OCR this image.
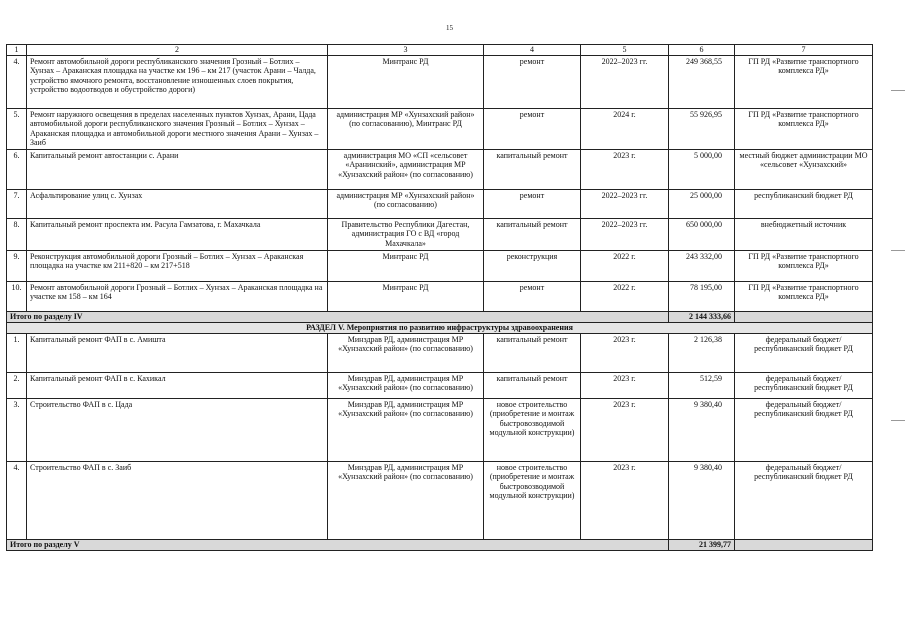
15
1	2	3	4	5	6	7
4.	Ремонт автомобильной дороги республиканского значения Грозный – Ботлих – Хунзах – Араканская площадка на участке км 196 – км 217 (участок Арани – Чалда, устройство ямочного ремонта, восстановление изношенных слоев покрытия, устройство водоотводов и обустройство дороги)	Минтранс РД	ремонт	2022–2023 гг.	249 368,55	ГП РД «Развитие транспортного комплекса РД»
5.	Ремонт наружного освещения в пределах населенных пунктов Хунзах, Арани, Цада автомобильной дороги республиканского значения Грозный – Ботлих – Хунзах – Араканская площадка и автомобильной дороги местного значения Арани – Хунзах – Заиб	администрация МР «Хунзахский район» (по согласованию), Минтранс РД	ремонт	2024 г.	55 926,95	ГП РД «Развитие транспортного комплекса РД»
6.	Капитальный ремонт автостанции с. Арани	администрация МО «СП «сельсовет «Аранинский», администрация МР «Хунзахский район» (по согласованию)	капитальный ремонт	2023 г.	5 000,00	местный бюджет администрации МО «сельсовет «Хунзахский»
7.	Асфальтирование улиц с. Хунзах	администрация МР «Хунзахский район» (по согласованию)	ремонт	2022–2023 гг.	25 000,00	республиканский бюджет РД
8.	Капитальный ремонт проспекта им. Расула Гамзатова, г. Махачкала	Правительство Республики Дагестан, администрация ГО с ВД «город Махачкала»	капитальный ремонт	2022–2023 гг.	650 000,00	внебюджетный источник
9.	Реконструкция автомобильной дороги Грозный – Ботлих – Хунзах – Араканская площадка на участке км 211+820 – км 217+518	Минтранс РД	реконструкция	2022 г.	243 332,00	ГП РД «Развитие транспортного комплекса РД»
10.	Ремонт автомобильной дороги Грозный – Ботлих – Хунзах – Араканская площадка на участке км 158 – км 164	Минтранс РД	ремонт	2022 г.	78 195,00	ГП РД «Развитие транспортного комплекса РД»
Итого по разделу IV					2 144 333,66	
РАЗДЕЛ V. Мероприятия по развитию инфраструктуры здравоохранения						
1.	Капитальный ремонт ФАП в с. Амишта	Минздрав РД, администрация МР «Хунзахский район» (по согласованию)	капитальный ремонт	2023 г.	2 126,38	федеральный бюджет/ республиканский бюджет РД
2.	Капитальный ремонт ФАП в с. Кахикал	Минздрав РД, администрация МР «Хунзахский район» (по согласованию)	капитальный ремонт	2023 г.	512,59	федеральный бюджет/ республиканский бюджет РД
3.	Строительство ФАП в с. Цада	Минздрав РД, администрация МР «Хунзахский район» (по согласованию)	новое строительство (приобретение и монтаж быстровозводимой модульной конструкции)	2023 г.	9 380,40	федеральный бюджет/ республиканский бюджет РД
4.	Строительство ФАП в с. Заиб	Минздрав РД, администрация МР «Хунзахский район» (по согласованию)	новое строительство (приобретение и монтаж быстровозводимой модульной конструкции)	2023 г.	9 380,40	федеральный бюджет/ республиканский бюджет РД
Итого по разделу V					21 399,77	
